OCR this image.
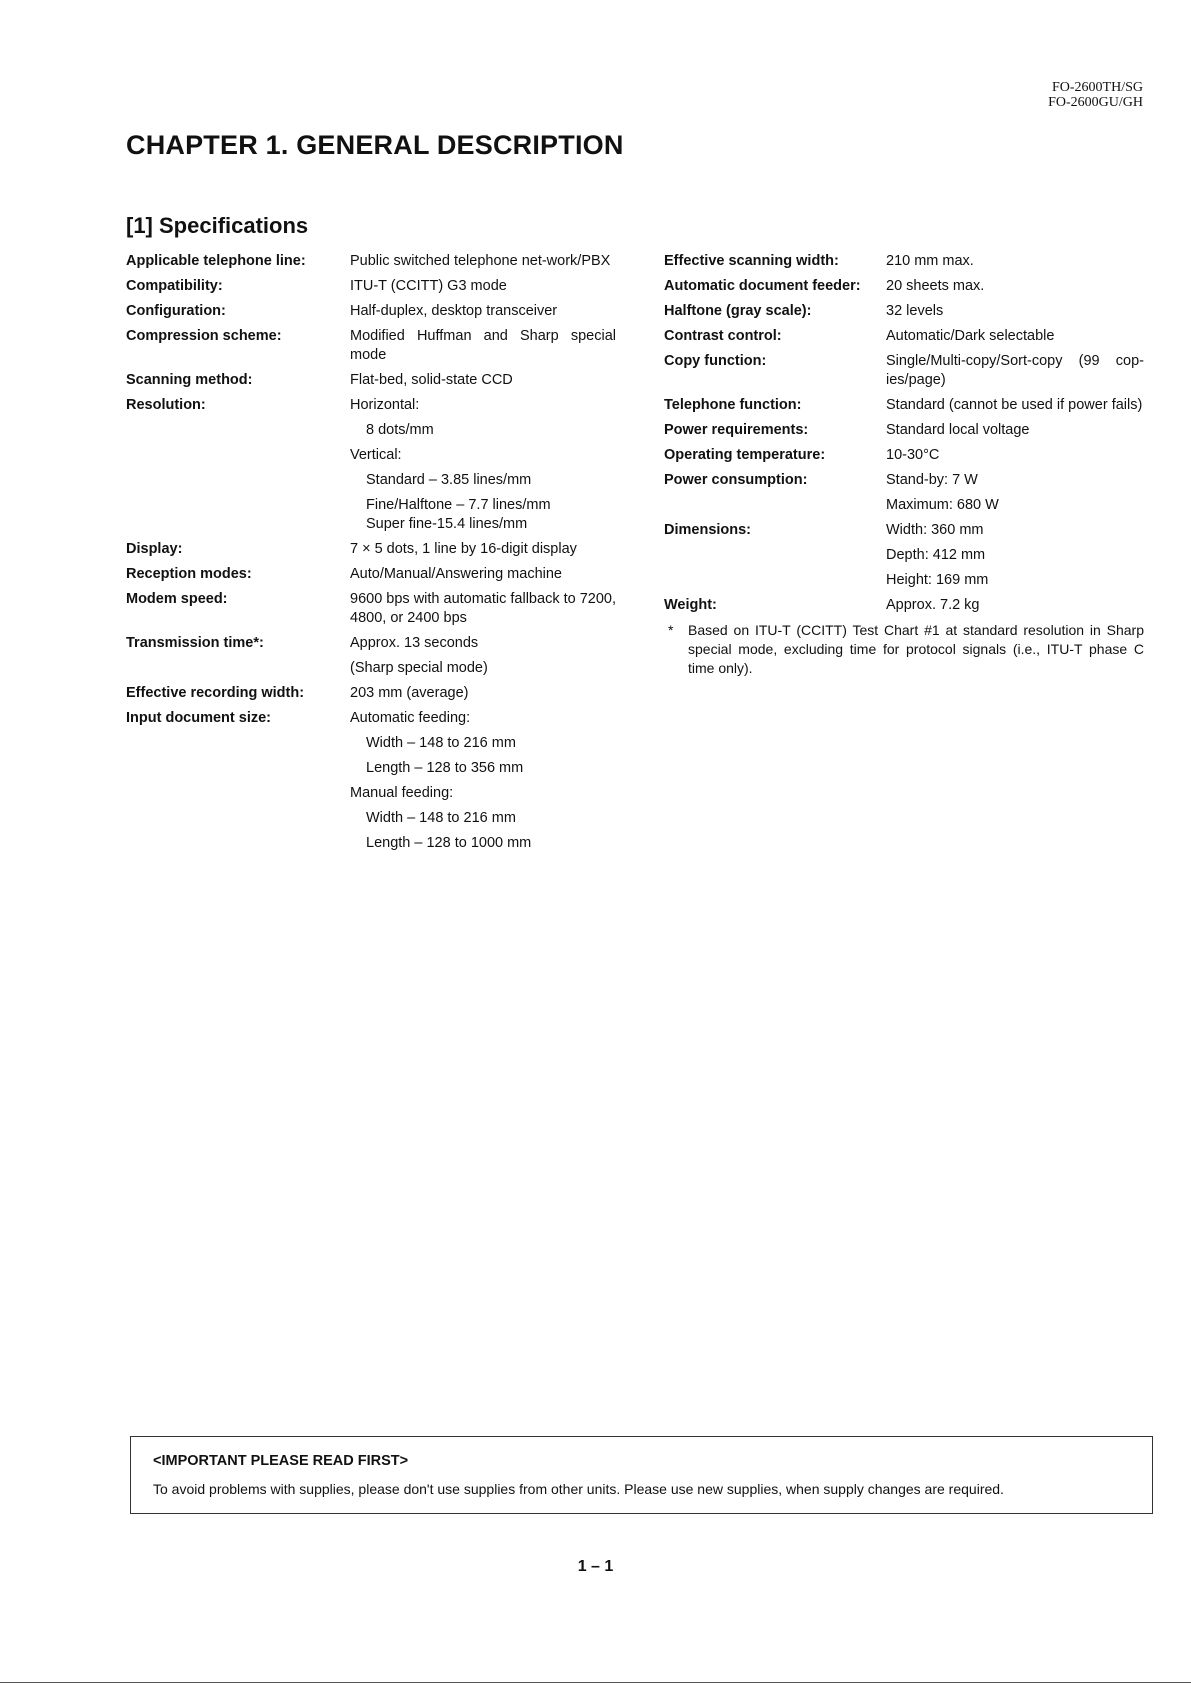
FO-2600TH/SG
FO-2600GU/GH
CHAPTER 1. GENERAL DESCRIPTION
[1] Specifications
Applicable telephone line:	Public switched telephone net-work/PBX
Compatibility:	ITU-T (CCITT) G3 mode
Configuration:	Half-duplex, desktop transceiver
Compression scheme:	Modified Huffman and Sharp special mode
Scanning method:	Flat-bed, solid-state CCD
Resolution:	Horizontal:
8 dots/mm
Vertical:
Standard – 3.85 lines/mm
Fine/Halftone – 7.7 lines/mm
Super fine-15.4 lines/mm
Display:	7 × 5 dots, 1 line by 16-digit display
Reception modes:	Auto/Manual/Answering machine
Modem speed:	9600 bps with automatic fallback to 7200, 4800, or 2400 bps
Transmission time*:	Approx. 13 seconds
(Sharp special mode)
Effective recording width:	203 mm (average)
Input document size:	Automatic feeding:
Width – 148 to 216 mm
Length – 128 to 356 mm
Manual feeding:
Width – 148 to 216 mm
Length – 128 to 1000 mm
Effective scanning width:	210 mm max.
Automatic document feeder:	20 sheets max.
Halftone (gray scale):	32 levels
Contrast control:	Automatic/Dark selectable
Copy function:	Single/Multi-copy/Sort-copy (99 cop-ies/page)
Telephone function:	Standard (cannot be used if power fails)
Power requirements:	Standard local voltage
Operating temperature:	10-30°C
Power consumption:	Stand-by: 7 W
Maximum: 680 W
Dimensions:	Width: 360 mm
Depth: 412 mm
Height: 169 mm
Weight:	Approx. 7.2 kg
*	Based on ITU-T (CCITT) Test Chart #1 at standard resolution in Sharp special mode, excluding time for protocol signals (i.e., ITU-T phase C time only).
<IMPORTANT PLEASE READ FIRST>
To avoid problems with supplies, please don't use supplies from other units. Please use new supplies, when supply changes are required.
1 – 1
